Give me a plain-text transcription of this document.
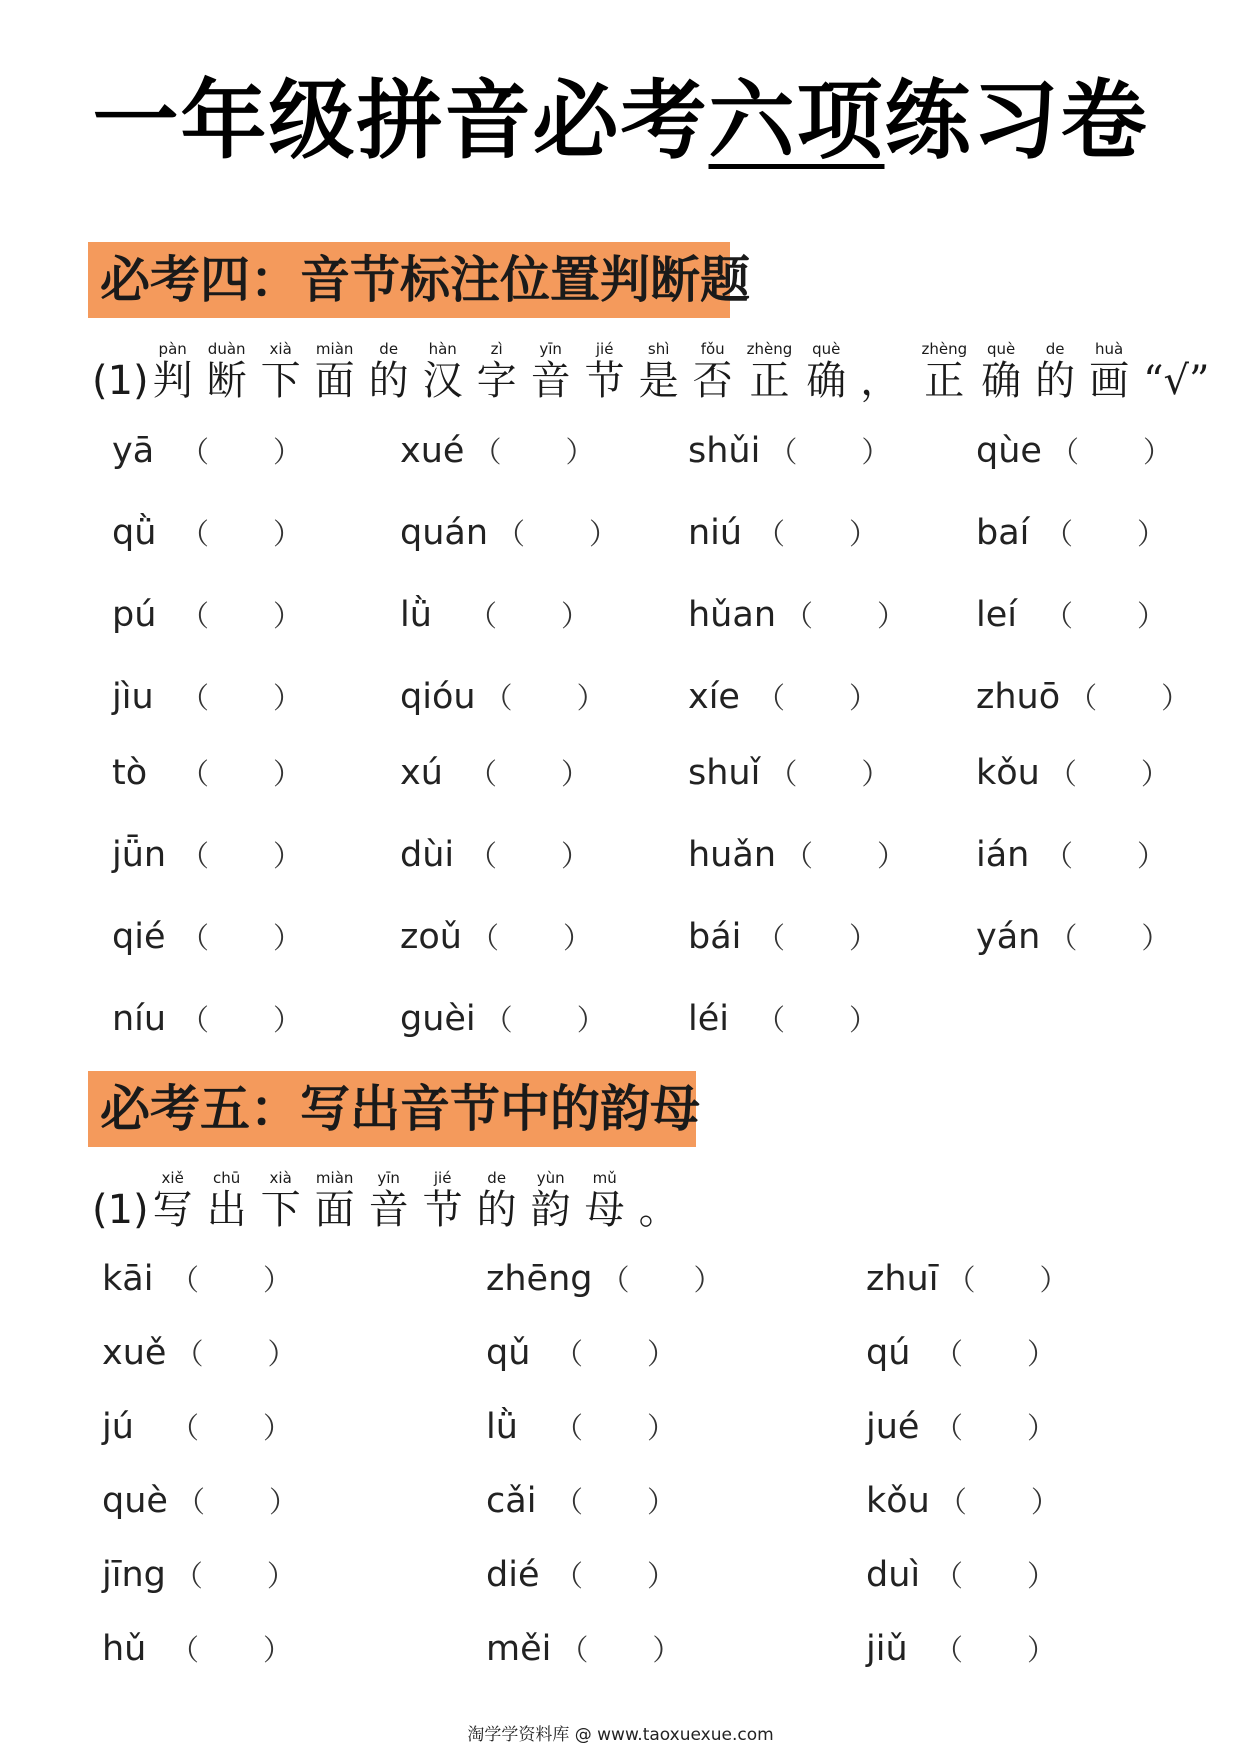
一年级拼音必考六项练习卷
必考四：音节标注位置判断题
(1) 判pàn断duàn下xià面miàn的de汉hàn字zì音yīn节jié是shì否fǒu正zhèng确què， 正zhèng确què的de画huà“√”
yā （ ）	xué （ ）	shǔi （ ） qùe （ ）
qǜ （ ）	quán （ ） niú （ ）	baí （ ）
pú （ ）	lǜ （ ）	hǔan （ ） leí （ ）
jìu （ ）	qióu （ ） xíe （ ）	zhuō （ ）
tò （ ）	xú （ ）	shuǐ （ ） kǒu （ ）
jǖn （ ）	dùi （ ）	huǎn （ ） ián （ ）
qié （ ）	zoǔ （ ）	bái （ ）	yán （ ）
níu （ ）	guèi （ ） léi （ ）
必考五：写出音节中的韵母
(1) 写xiě出chū下xià面miàn音yīn节jié的de韵yùn母mǔ。
kāi （ ）	zhēng （ ）	zhuī （ ）
xuě （ ）	qǔ （ ）	qú （ ）
jú （ ）	lǜ （ ）	jué （ ）
què （ ）	cǎi （ ）	kǒu （ ）
jīng （ ）	dié （ ）	duì （ ）
hǔ （ ）	měi （ ）	jiǔ （ ）
淘学学资料库 @ www.taoxuexue.com
